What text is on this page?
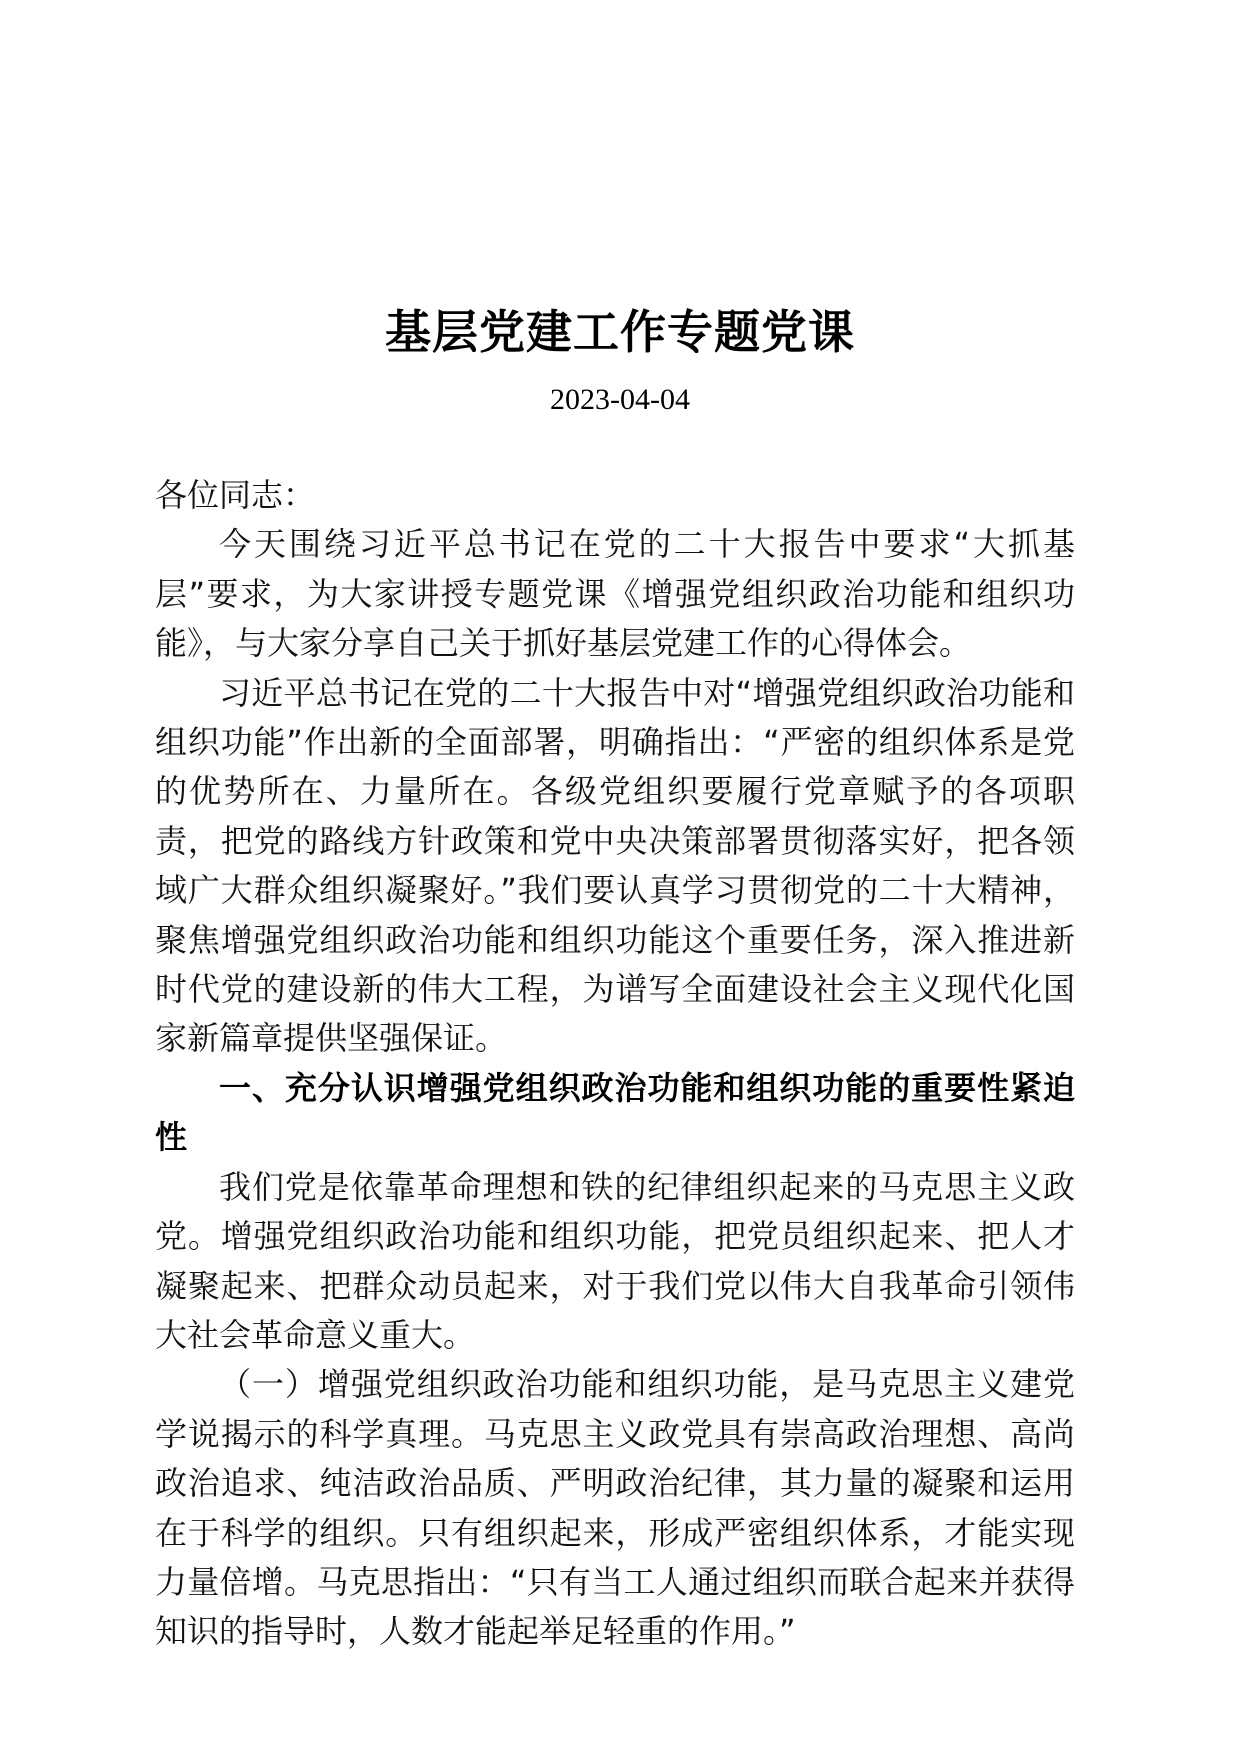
基层党建工作专题党课
2023-04-04

各位同志：

今天围绕习近平总书记在党的二十大报告中要求“大抓基层”要求，为大家讲授专题党课《增强党组织政治功能和组织功能》，与大家分享自己关于抓好基层党建工作的心得体会。

习近平总书记在党的二十大报告中对“增强党组织政治功能和组织功能”作出新的全面部署，明确指出：“严密的组织体系是党的优势所在、力量所在。各级党组织要履行党章赋予的各项职责，把党的路线方针政策和党中央决策部署贯彻落实好，把各领域广大群众组织凝聚好。”我们要认真学习贯彻党的二十大精神，聚焦增强党组织政治功能和组织功能这个重要任务，深入推进新时代党的建设新的伟大工程，为谱写全面建设社会主义现代化国家新篇章提供坚强保证。

一、充分认识增强党组织政治功能和组织功能的重要性紧迫性

我们党是依靠革命理想和铁的纪律组织起来的马克思主义政党。增强党组织政治功能和组织功能，把党员组织起来、把人才凝聚起来、把群众动员起来，对于我们党以伟大自我革命引领伟大社会革命意义重大。

（一）增强党组织政治功能和组织功能，是马克思主义建党学说揭示的科学真理。马克思主义政党具有崇高政治理想、高尚政治追求、纯洁政治品质、严明政治纪律，其力量的凝聚和运用在于科学的组织。只有组织起来，形成严密组织体系，才能实现力量倍增。马克思指出：“只有当工人通过组织而联合起来并获得知识的指导时，人数才能起举足轻重的作用。”
